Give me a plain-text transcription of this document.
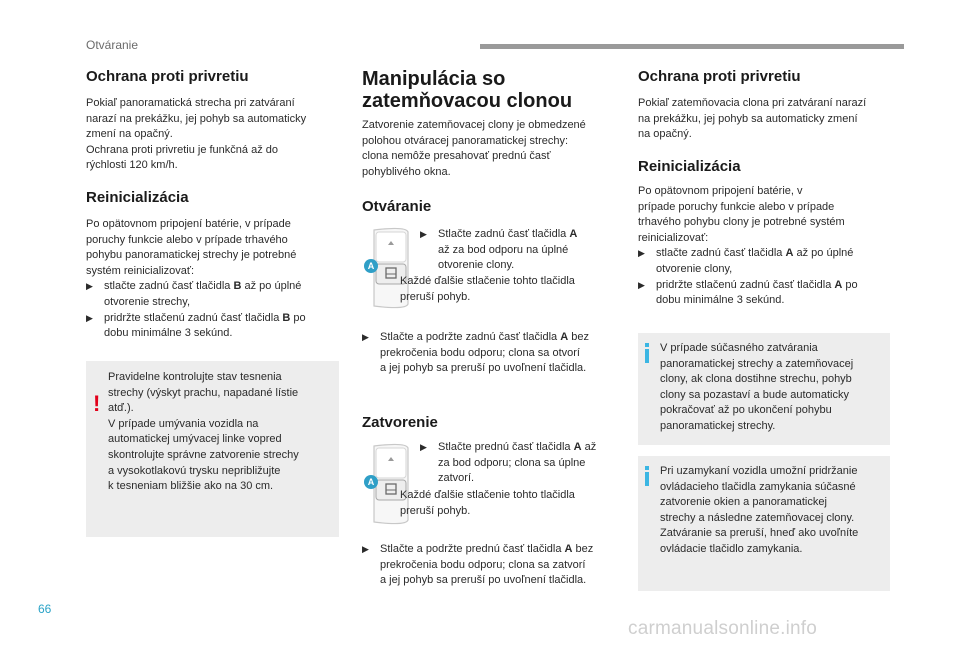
Otváranie
Ochrana proti privretiu
Pokiaľ panoramatická strecha pri zatváraní
narazí na prekážku, jej pohyb sa automaticky
zmení na opačný.
Ochrana proti privretiu je funkčná až do
rýchlosti 120 km/h.
Reinicializácia
Po opätovnom pripojení batérie, v prípade
poruchy funkcie alebo v prípade trhavého
pohybu panoramatickej strechy je potrebné
systém reinicializovať:
▶ stlačte zadnú časť tlačidla B až po úplné
otvorenie strechy,
▶ pridržte stlačenú zadnú časť tlačidla B po
dobu minimálne 3 sekúnd.
!
Pravidelne kontrolujte stav tesnenia
strechy (výskyt prachu, napadané lístie
atď.).
V prípade umývania vozidla na
automatickej umývacej linke vopred
skontrolujte správne zatvorenie strechy
a vysokotlakovú trysku nepribližujte
k tesneniam bližšie ako na 30 cm.
Manipulácia so
zatemňovacou clonou
Zatvorenie zatemňovacej clony je obmedzené
polohou otváracej panoramatickej strechy:
clona nemôže presahovať prednú časť
pohyblivého okna.
Otváranie
A
▶ Stlačte zadnú časť tlačidla A
až za bod odporu na úplné
otvorenie clony.
Každé ďalšie stlačenie tohto tlačidla
preruší pohyb.
▶ Stlačte a podržte zadnú časť tlačidla A bez
prekročenia bodu odporu; clona sa otvorí
a jej pohyb sa preruší po uvoľnení tlačidla.
Zatvorenie
A
▶ Stlačte prednú časť tlačidla A až
za bod odporu; clona sa úplne
zatvorí.
Každé ďalšie stlačenie tohto tlačidla
preruší pohyb.
▶ Stlačte a podržte prednú časť tlačidla A bez
prekročenia bodu odporu; clona sa zatvorí
a jej pohyb sa preruší po uvoľnení tlačidla.
Ochrana proti privretiu
Pokiaľ zatemňovacia clona pri zatváraní narazí
na prekážku, jej pohyb sa automaticky zmení
na opačný.
Reinicializácia
Po opätovnom pripojení batérie, v
prípade poruchy funkcie alebo v prípade
trhavého pohybu clony je potrebné systém
reinicializovať:
▶ stlačte zadnú časť tlačidla A až po úplné
otvorenie clony,
▶ pridržte stlačenú zadnú časť tlačidla A po
dobu minimálne 3 sekúnd.
V prípade súčasného zatvárania
panoramatickej strechy a zatemňovacej
clony, ak clona dostihne strechu, pohyb
clony sa pozastaví a bude automaticky
pokračovať až po ukončení pohybu
panoramatickej strechy.
Pri uzamykaní vozidla umožní pridržanie
ovládacieho tlačidla zamykania súčasné
zatvorenie okien a panoramatickej
strechy a následne zatemňovacej clony.
Zatváranie sa preruší, hneď ako uvoľníte
ovládacie tlačidlo zamykania.
66
carmanualsonline.info
